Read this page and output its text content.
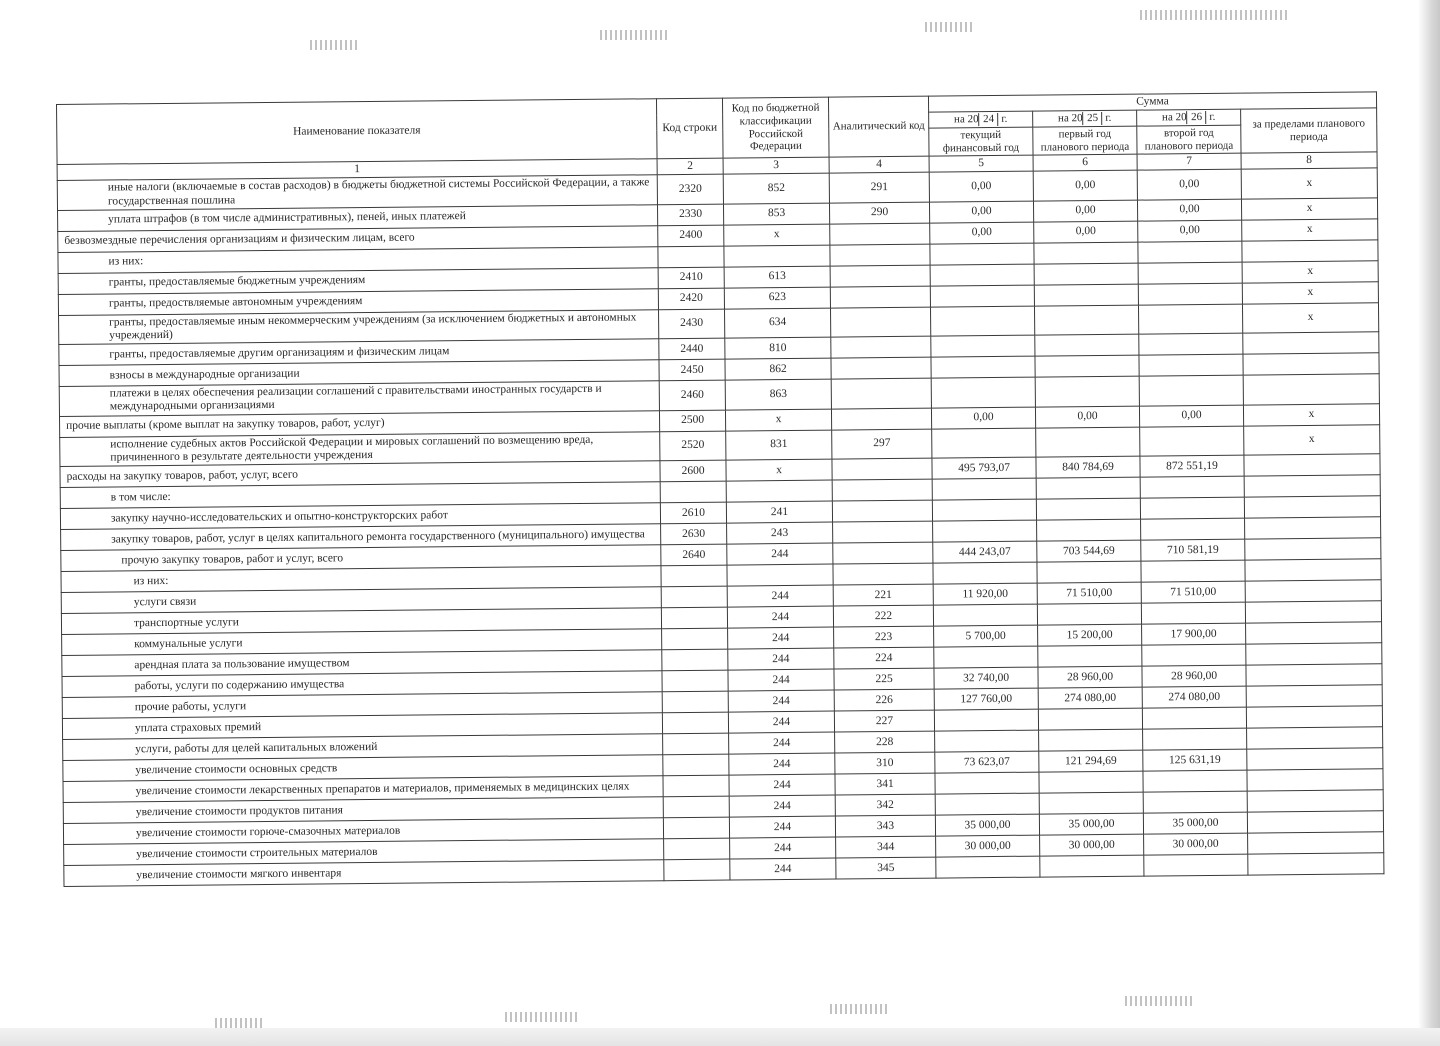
Наименование показателя	Код строки	Код по бюджетной классификации Российской Федерации	Аналитический код	Сумма			
				на 20 24 г.	на 20 25 г.	на 20 26 г.	за пределами планового периода
				текущий финансовый год	первый год планового периода	второй год планового периода	
1	2	3	4	5	6	7	8
иные налоги (включаемые в состав расходов) в бюджеты бюджетной системы Российской Федерации, а также государственная пошлина	2320	852	291	0,00	0,00	0,00	x
уплата штрафов (в том числе административных), пеней, иных платежей	2330	853	290	0,00	0,00	0,00	x
безвозмездные перечисления организациям и физическим лицам, всего	2400	x		0,00	0,00	0,00	x
из них:							
гранты, предоставляемые бюджетным учреждениям	2410	613					x
гранты, предоствляемые автономным учреждениям	2420	623					x
гранты, предоставляемые иным некоммерческим учреждениям (за исключением бюджетных и автономных учреждений)	2430	634					x
гранты, предоставляемые другим организациям и физическим лицам	2440	810					
взносы в международные организации	2450	862					
платежи в целях обеспечения реализации соглашений с правительствами иностранных государств и международными организациями	2460	863					
прочие выплаты (кроме выплат на закупку товаров, работ, услуг)	2500	x		0,00	0,00	0,00	x
исполнение судебных актов Российской Федерации и мировых соглашений по возмещению вреда, причиненного в результате деятельности учреждения	2520	831	297				x
расходы на закупку товаров, работ, услуг, всего	2600	x		495 793,07	840 784,69	872 551,19	
в том числе:							
закупку научно-исследовательских и опытно-конструкторских работ	2610	241					
закупку товаров, работ, услуг в целях капитального ремонта государственного (муниципального) имущества	2630	243					
прочую закупку товаров, работ и услуг, всего	2640	244		444 243,07	703 544,69	710 581,19	
из них:							
услуги связи		244	221	11 920,00	71 510,00	71 510,00	
транспортные услуги		244	222				
коммунальные услуги		244	223	5 700,00	15 200,00	17 900,00	
арендная плата за пользование имуществом		244	224				
работы, услуги по содержанию имущества		244	225	32 740,00	28 960,00	28 960,00	
прочие работы, услуги		244	226	127 760,00	274 080,00	274 080,00	
уплата страховых премий		244	227				
услуги, работы для целей капитальных вложений		244	228				
увеличение стоимости основных средств		244	310	73 623,07	121 294,69	125 631,19	
увеличение стоимости лекарственных препаратов и материалов, применяемых в медицинских целях		244	341				
увеличение стоимости продуктов питания		244	342				
увеличение стоимости горюче-смазочных материалов		244	343	35 000,00	35 000,00	35 000,00	
увеличение стоимости строительных материалов		244	344	30 000,00	30 000,00	30 000,00	
увеличение стоимости мягкого инвентаря		244	345				
